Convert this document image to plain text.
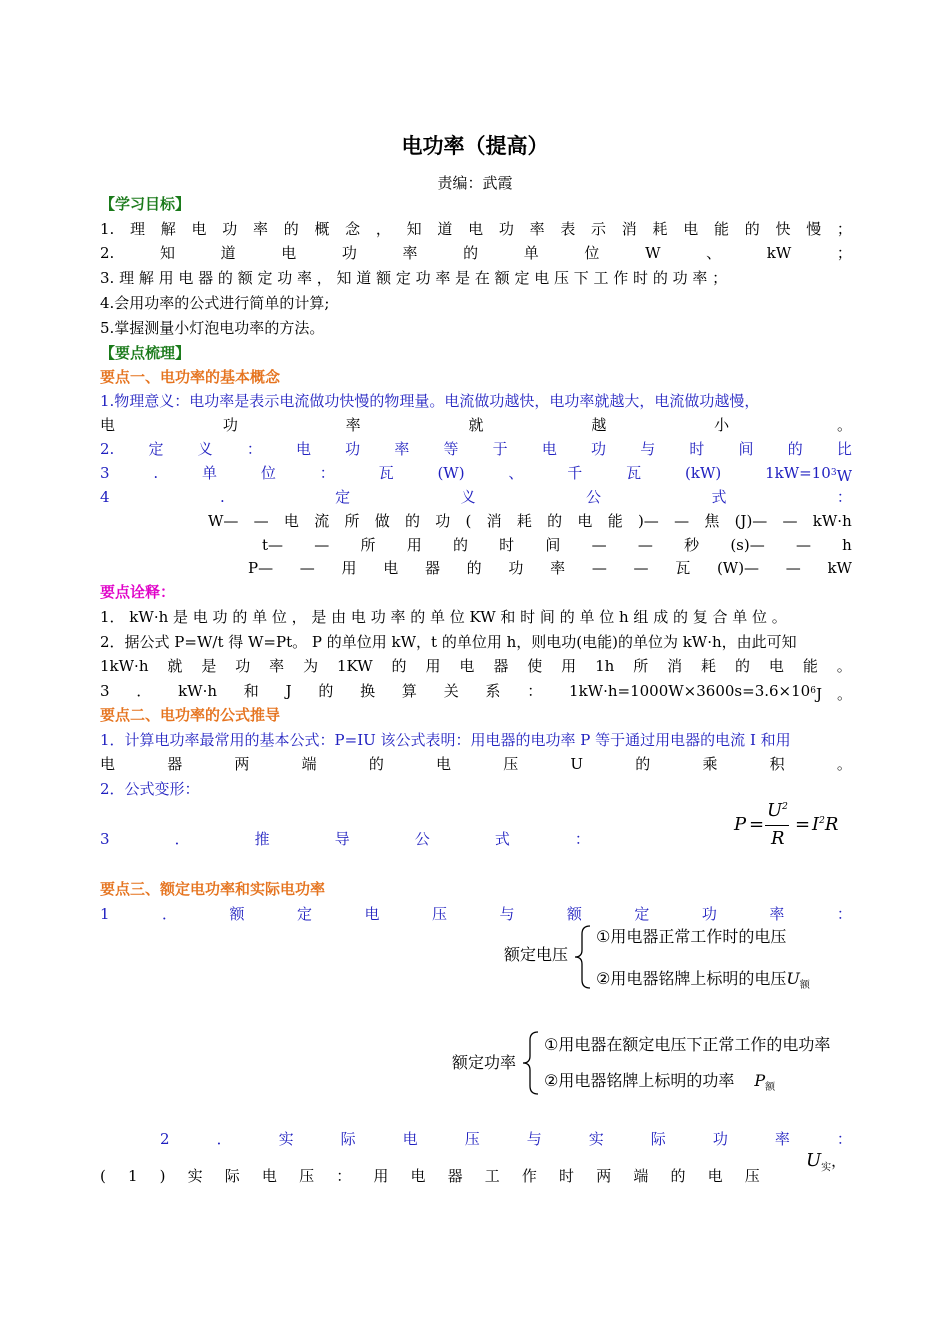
电功率（提高）
责编：武霞
【学习目标】
1. 理 解 电 功 率 的 概 念 ， 知 道 电 功 率 表 示 消 耗 电 能 的 快 慢 ；
2.	知	道	电	功	率	的	单	位	W	、	kW	；
3. 理 解 用 电 器 的 额 定 功 率 ， 知 道 额 定 功 率 是 在 额 定 电 压 下 工 作 时 的 功 率 ；
4.会用功率的公式进行简单的计算;
5.掌握测量小灯泡电功率的方法。
【要点梳理】
要点一、电功率的基本概念
1.物理意义：电功率是表示电流做功快慢的物理量。电流做功越快，电功率就越大，电流做功越慢，
电	功	率	就	越	小	。
2. 定 义 ： 电 功 率 等 于 电 功 与 时 间 的 比
3	.	单	位	：	瓦	(W)	、	千	瓦	(kW)	1kW=10 $^3$W
4	.	定	义	公	式	：
W— — 电 流 所 做 的 功 ( 消 耗 的 电 能 )— — 焦 (J)— — kW·h
t— — 所 用 的 时 间 — — 秒 (s)— — h
P— — 用 电 器 的 功 率 — — 瓦 (W)— — kW
要点诠释：
1． kW·h 是 电 功 的 单 位 ， 是 由 电 功 率 的 单 位 KW 和 时 间 的 单 位 h 组 成 的 复 合 单 位 。
2．据公式 P=W/t 得 W=Pt。 P 的单位用 kW，t 的单位用 h，则电功(电能)的单位为 kW·h，由此可知
1kW·h 就 是 功 率 为 1KW 的 用 电 器 使 用 1h 所 消 耗 的 电 能 。
3 ． kW·h 和 J 的 换 算 关 系 ： 1kW·h=1000W×3600s=3.6×10 $^6$J　。
要点二、电功率的公式推导
1．计算电功率最常用的基本公式：P=IU 该公式表明：用电器的电功率 P 等于通过用电器的电流 I 和用
电	器	两	端	的	电	压	U	的	乘	积	。
2．公式变形：
3	．	推	导	公	式	：
P =
$U^2$
R
= $I^2R$
要点三、额定电功率和实际电功率
1	．	额	定	电	压	与	额	定	功	率	：
额定电压
①用电器正常工作时的电压
②用电器铭牌上标明的电压$U_额$
额定功率
①用电器在额定电压下正常工作的电功率
②用电器铭牌上标明的功率 $P_额$
2	．	实	际	电	压	与	实	际	功	率	：
( 1 ) 实 际 电 压 ： 用 电 器 工 作 时 两 端 的 电 压
$U_实$，
